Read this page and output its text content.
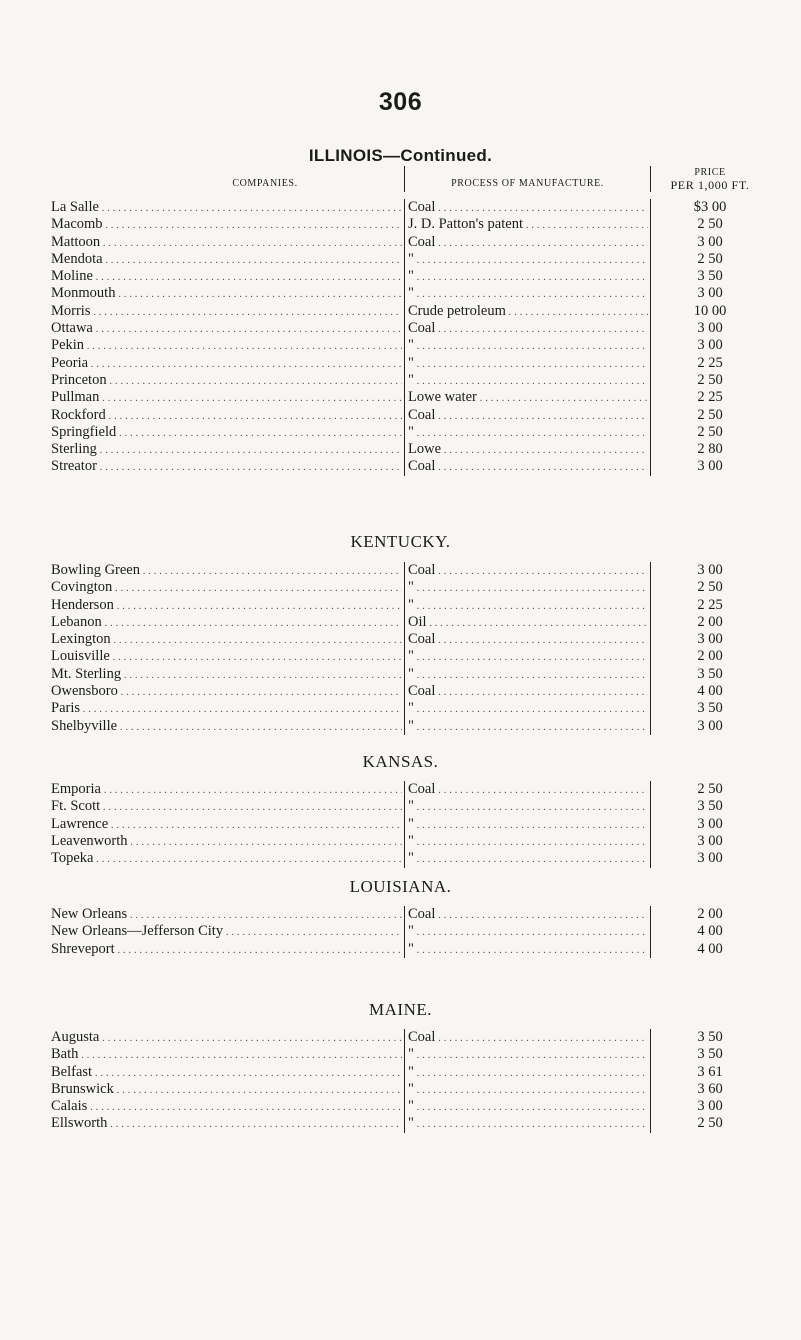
306
COMPANIES.	PROCESS OF MANUFACTURE.
PRICE
PER 1,000 FT.
ILLINOIS—Continued.
La Salle . . .	Coal . . .	$3 00
Macomb . . .	J. D. Patton's patent . . .	2 50
Mattoon . . .	Coal . . .	3 00
Mendota . . .	" . . .	2 50
Moline . . .	" . . .	3 50
Monmouth . . .	" . . .	3 00
Morris . . .	Crude petroleum . . .	10 00
Ottawa . . .	Coal . . .	3 00
Pekin . . .	" . . .	3 00
Peoria . . .	" . . .	2 25
Princeton . . .	" . . .	2 50
Pullman . . .	Lowe water . . .	2 25
Rockford . . .	Coal . . .	2 50
Springfield . . .	" . . .	2 50
Sterling . . .	Lowe . . .	2 80
Streator . . .	Coal . . .	3 00
KENTUCKY.
Bowling Green . . .	Coal . . .	3 00
Covington . . .	" . . .	2 50
Henderson . . .	" . . .	2 25
Lebanon . . .	Oil . . .	2 00
Lexington . . .	Coal . . .	3 00
Louisville . . .	" . . .	2 00
Mt. Sterling . . .	" . . .	3 50
Owensboro . . .	Coal . . .	4 00
Paris . . .	" . . .	3 50
Shelbyville . . .	" . . .	3 00
KANSAS.
Emporia . . .	Coal . . .	2 50
Ft. Scott . . .	" . . .	3 50
Lawrence . . .	" . . .	3 00
Leavenworth . . .	" . . .	3 00
Topeka . . .	" . . .	3 00
LOUISIANA.
New Orleans . . .	Coal . . .	2 00
New Orleans—Jefferson City . . .	" . . .	4 00
Shreveport . . .	" . . .	4 00
MAINE.
Augusta . . .	Coal . . .	3 50
Bath . . .	" . . .	3 50
Belfast . . .	" . . .	3 61
Brunswick . . .	" . . .	3 60
Calais . . .	" . . .	3 00
Ellsworth . . .	" . . .	2 50
